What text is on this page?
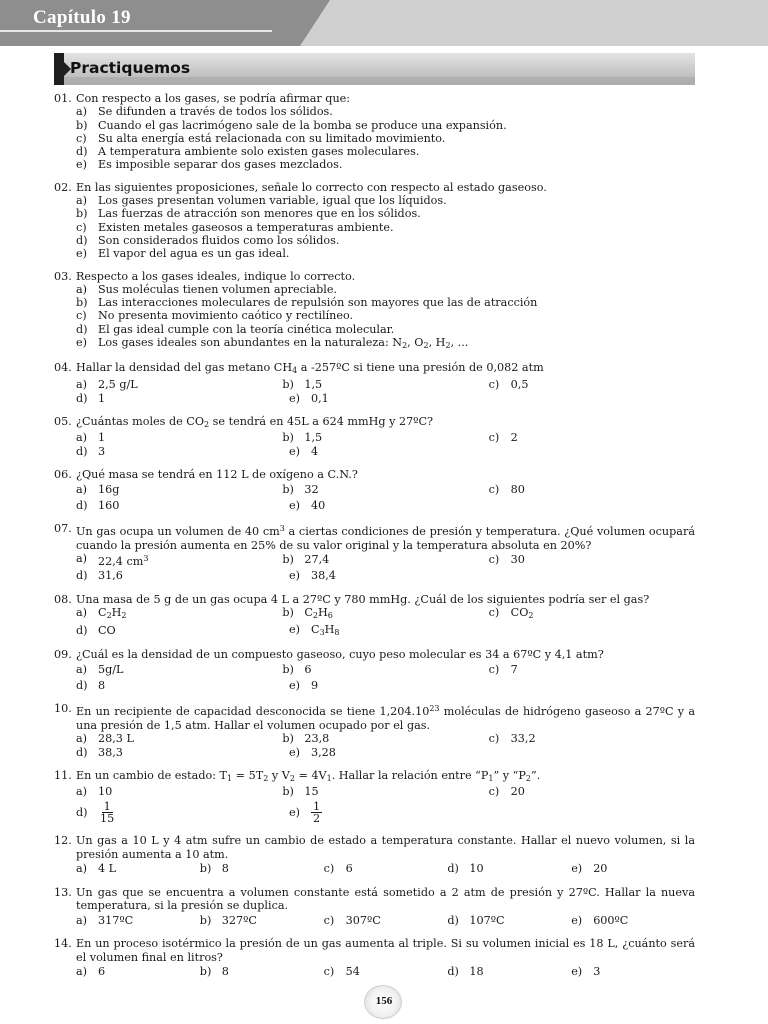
Capítulo 19
Practiquemos
01. Con respecto a los gases, se podría afirmar que:
a) Se difunden a través de todos los sólidos.
b) Cuando el gas lacrimógeno sale de la bomba se produce una expansión.
c)	Su alta energía está relacionada con su limitado movimiento.
d) A temperatura ambiente solo existen gases moleculares.
e) Es imposible separar dos gases mezclados.
02. En las siguientes proposiciones, señale lo correcto con respecto al estado gaseoso.
a) Los gases presentan volumen variable, igual que los líquidos.
b) Las fuerzas de atracción son menores que en los sólidos.
c)	Existen metales gaseosos a temperaturas ambiente.
d) Son considerados fluidos como los sólidos.
e) El vapor del agua es un gas ideal.
03. Respecto a los gases ideales, indique lo correcto.
a) Sus moléculas tienen volumen apreciable.
b) Las interacciones moleculares de repulsión son mayores que las de atracción
c)	No presenta movimiento caótico y rectilíneo.
d) El gas ideal cumple con la teoría cinética molecular.
e) Los gases ideales son abundantes en la naturaleza: $N_2$, $O_2$, $H_2$, ...
04. Hallar la densidad del gas metano $CH_4$ a -257ºC si tiene una presión de 0,082 atm
a) 2,5 g/L	b) 1,5	c)	0,5
d) 1	e) 0,1
05. ¿Cuántas moles de $CO_2$ se tendrá en 45L a 624 mmHg y 27ºC?
a) 1	b) 1,5	c)	2
d) 3	e) 4
06. ¿Qué masa se tendrá en 112 L de oxígeno a C.N.?
a) 16g	b) 32	c)	80
d) 160	e) 40
07. Un gas ocupa un volumen de 40 $cm^3$ a ciertas condiciones de presión y temperatura. ¿Qué volumen ocupará cuando la presión aumenta en 25% de su valor original y la temperatura absoluta en 20%?
a) 22,4 $cm^3$	b) 27,4	c)	30
d) 31,6	e) 38,4
08. Una masa de 5 g de un gas ocupa 4 L a 27ºC y 780 mmHg. ¿Cuál de los siguientes podría ser el gas?
a) $C_2H_2$	b) $C_2H_6$	c)	$CO_2$
d) CO	e) $C_3H_8$
09. ¿Cuál es la densidad de un compuesto gaseoso, cuyo peso molecular es 34 a 67ºC y 4,1 atm?
a) 5g/L	b) 6	c)	7
d) 8	e) 9
10. En un recipiente de capacidad desconocida se tiene 1,204.10$^{23}$ moléculas de hidrógeno gaseoso a 27ºC y a una presión de 1,5 atm. Hallar el volumen ocupado por el gas.
a) 28,3 L	b) 23,8	c)	33,2
d) 38,3	e) 3,28
11. En un cambio de estado: $T_1 = 5T_2$ y $V_2 = 4V_1$. Hallar la relación entre “$P_1$” y “$P_2$”.
a) 10	b) 15	c)	20
$d) \frac{1}{15}$	$e) \frac{1}{2}$
12. Un gas a 10 L y 4 atm sufre un cambio de estado a temperatura constante. Hallar el nuevo volumen, si la presión aumenta a 10 atm.
a) 4 L	b) 8	c)	6	d) 10	e) 20
13. Un gas que se encuentra a volumen constante está sometido a 2 atm de presión y 27ºC. Hallar la nueva temperatura, si la presión se duplica.
a) 317ºC	b) 327ºC	c)	307ºC	d) 107ºC	e) 600ºC
14. En un proceso isotérmico la presión de un gas aumenta al triple. Si su volumen inicial es 18 L, ¿cuánto será el volumen final en litros?
a) 6	b) 8	c)	54	d) 18	e) 3
156
